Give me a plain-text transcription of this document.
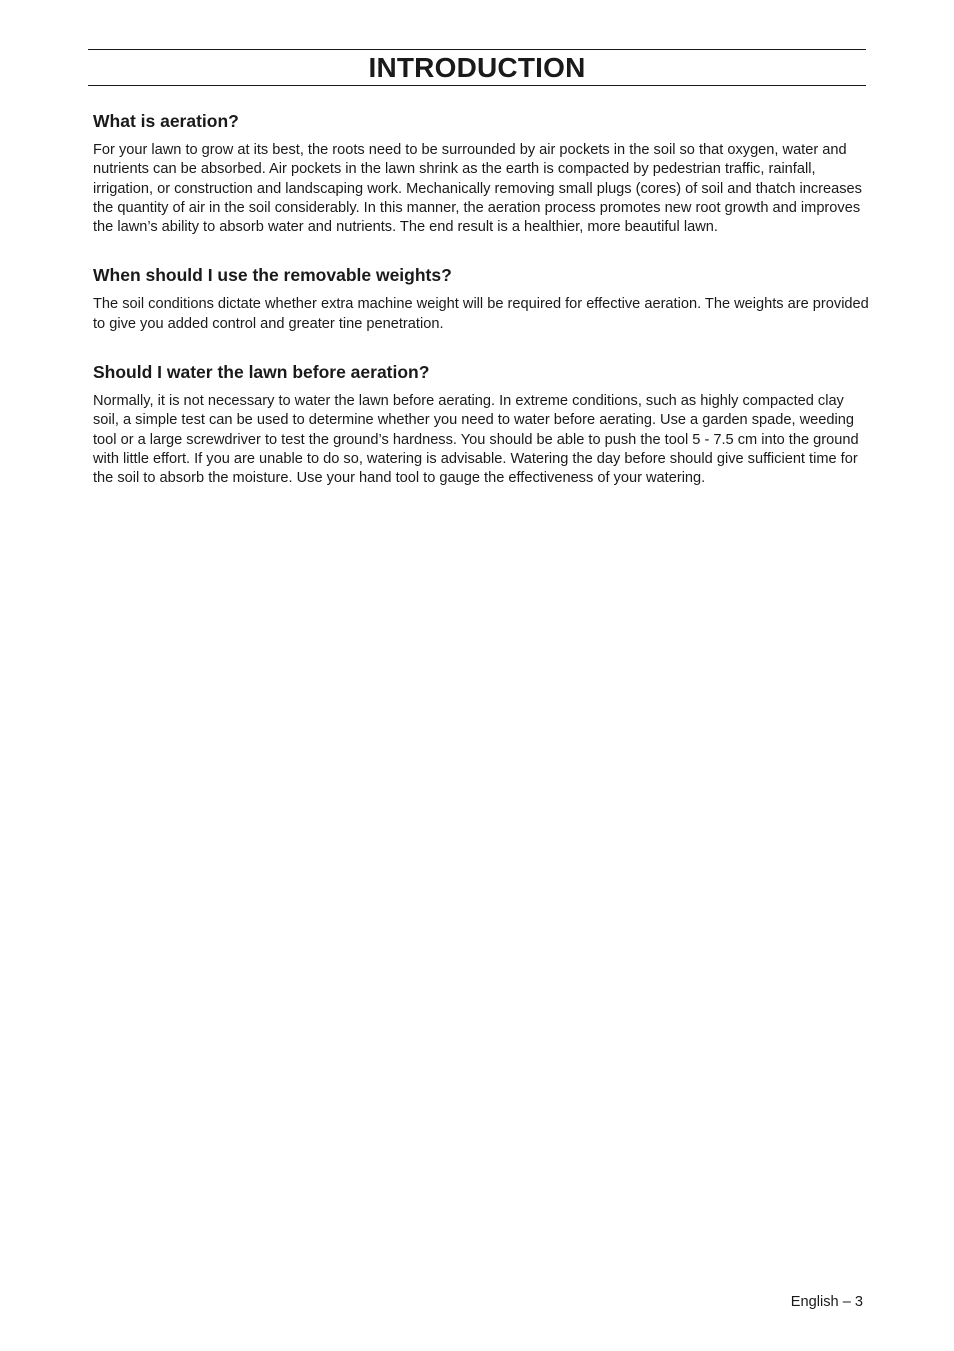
INTRODUCTION
What is aeration?

For your lawn to grow at its best, the roots need to be surrounded by air pockets in the soil so that oxygen, water and nutrients can be absorbed. Air pockets in the lawn shrink as the earth is compacted by pedestrian traffic, rainfall, irrigation, or construction and landscaping work. Mechanically removing small plugs (cores) of soil and thatch increases the quantity of air in the soil considerably. In this manner, the aeration process promotes new root growth and improves the lawn’s ability to absorb water and nutrients. The end result is a healthier, more beautiful lawn.

When should I use the removable weights?

The soil conditions dictate whether extra machine weight will be required for effective aeration. The weights are provided to give you added control and greater tine penetration.

Should I water the lawn before aeration?

Normally, it is not necessary to water the lawn before aerating. In extreme conditions, such as highly compacted clay soil, a simple test can be used to determine whether you need to water before aerating. Use a garden spade, weeding tool or a large screwdriver to test the ground’s hardness. You should be able to push the tool 5 - 7.5 cm into the ground with little effort. If you are unable to do so, watering is advisable. Watering the day before should give sufficient time for the soil to absorb the moisture. Use your hand tool to gauge the effectiveness of your watering.

English – 3
